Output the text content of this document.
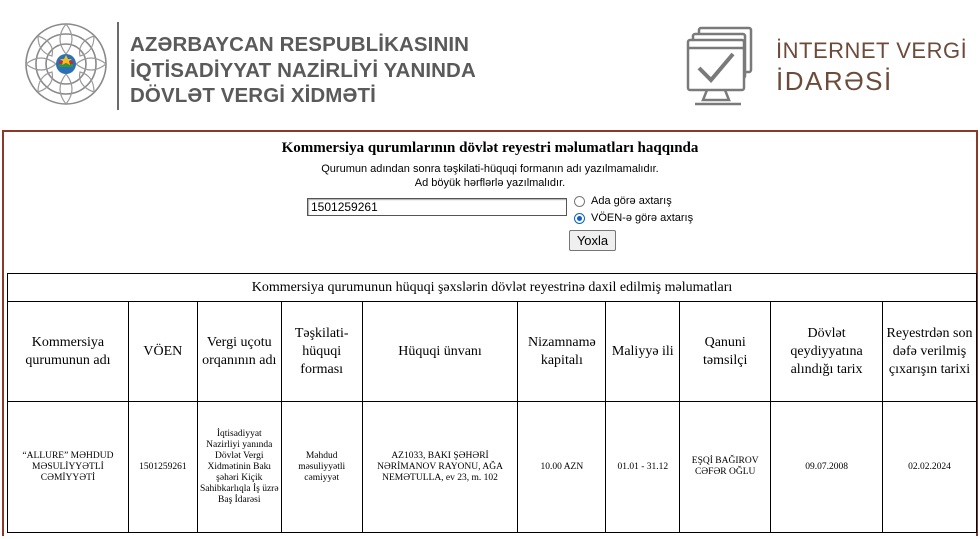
AZƏRBAYCAN RESPUBLİKASININ
İQTİSADİYYAT NAZİRLİYİ YANINDA
DÖVLƏT VERGİ XİDMƏTİ
İNTERNET VERGİ
İDARƏSİ
Kommersiya qurumlarının dövlət reyestri məlumatları haqqında
Qurumun adından sonra təşkilati-hüquqi formanın adı yazılmamalıdır.
Ad böyük hərflərlə yazılmalıdır.
1501259261
Ada görə axtarış
VÖEN-ə görə axtarış
Yoxla
Kommersiya qurumunun hüquqi şəxslərin dövlət reyestrinə daxil edilmiş məlumatları									
Kommersiya qurumunun adı	VÖEN	Vergi uçotu orqanının adı	Təşkilati-hüquqi forması	Hüquqi ünvanı	Nizamnamə kapitalı	Maliyyə ili	Qanuni təmsilçi	Dövlət qeydiyyatına alındığı tarix	Reyestrdən son dəfə verilmiş çıxarışın tarixi
“ALLURE” MƏHDUD MƏSULİYYƏTLİ CƏMİYYƏTİ	1501259261	İqtisadiyyat Nazirliyi yanında Dövlət Vergi Xidmətinin Bakı şəhəri Kiçik Sahibkarlıqla İş üzrə Baş İdarəsi	Məhdud məsuliyyətli cəmiyyət	AZ1033, BAKI ŞƏHƏRİ NƏRİMANOV RAYONU, AĞA NEMƏTULLA, ev 23, m. 102	10.00 AZN	01.01 - 31.12	EŞQİ BAĞIROV CƏFƏR OĞLU	09.07.2008	02.02.2024
